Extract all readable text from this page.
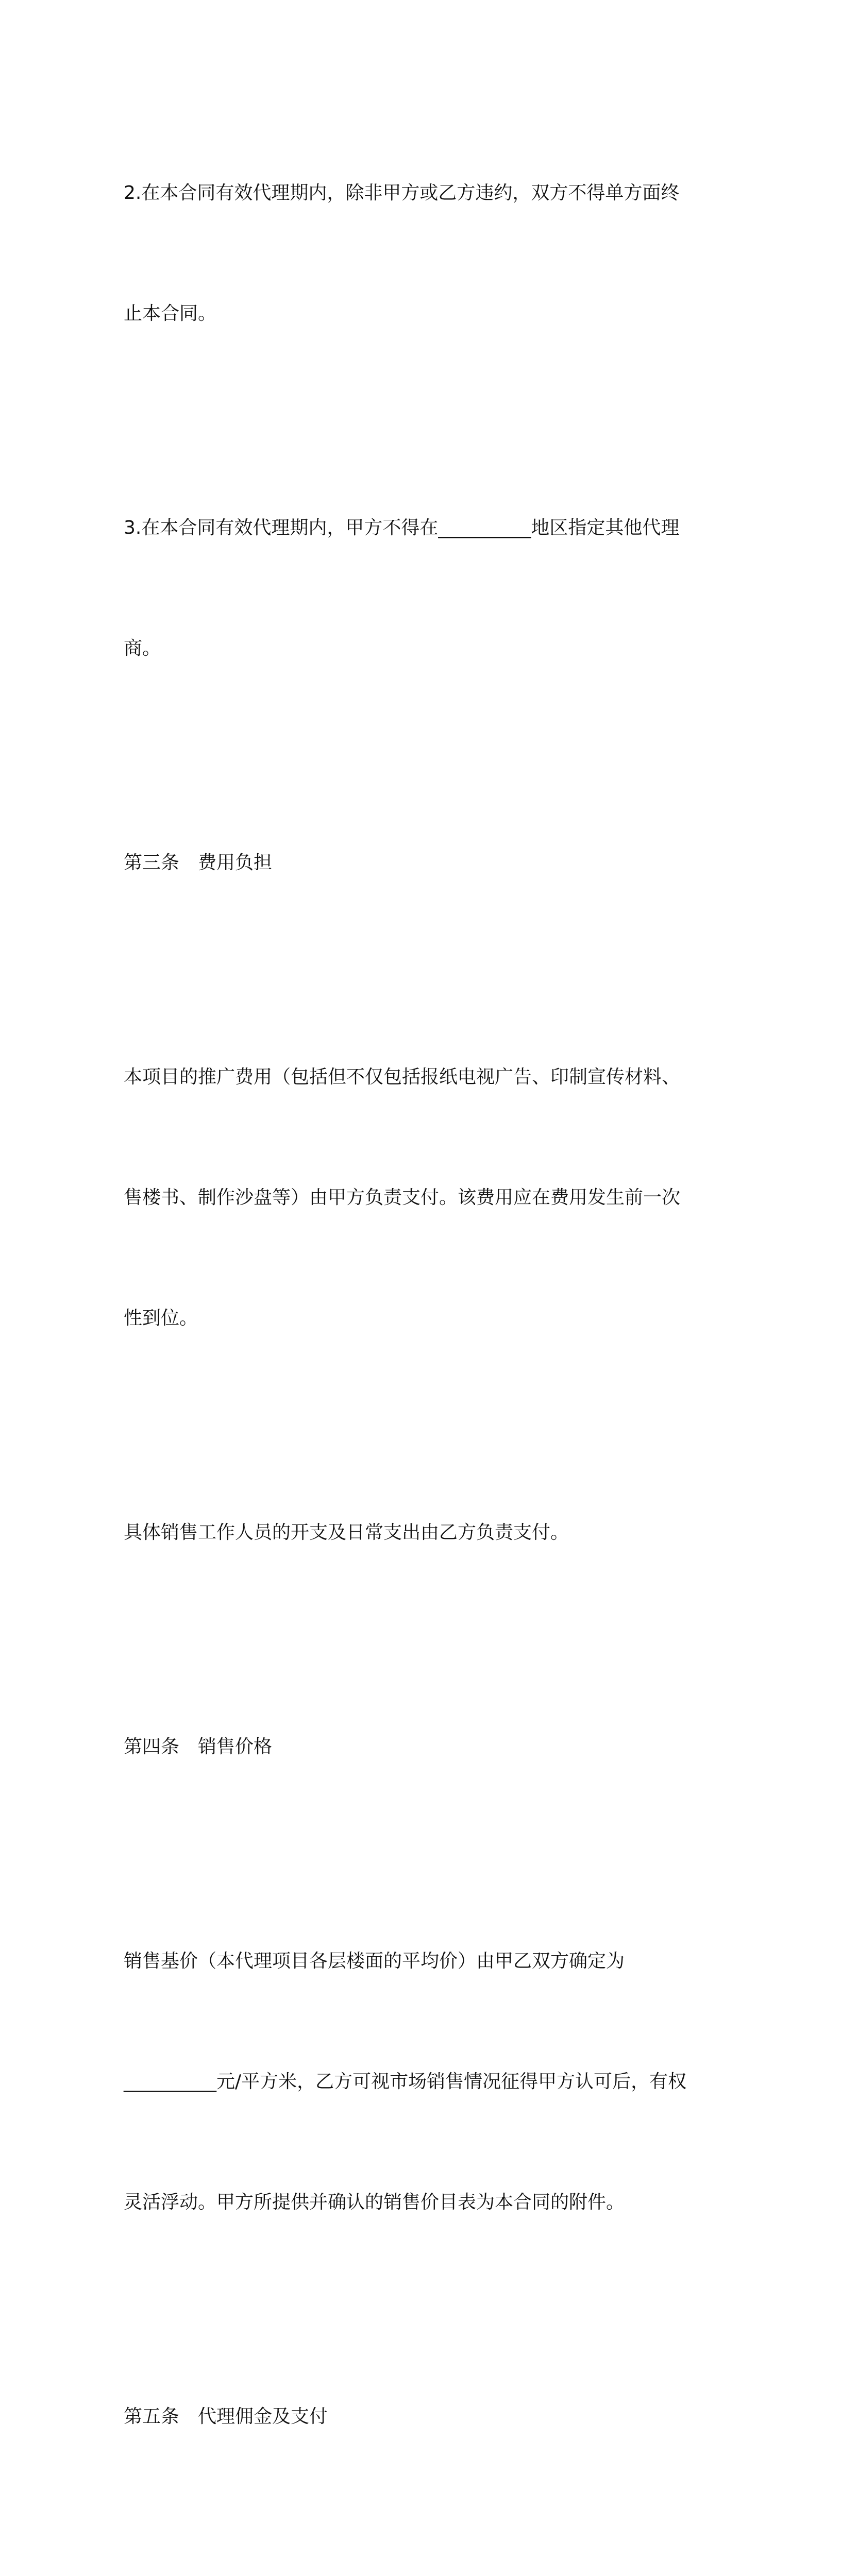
2.在本合同有效代理期内，除非甲方或乙方违约，双方不得单方面终

止本合同。

3.在本合同有效代理期内，甲方不得在__________地区指定其他代理

商。

第三条　费用负担

本项目的推广费用（包括但不仅包括报纸电视广告、印制宣传材料、

售楼书、制作沙盘等）由甲方负责支付。该费用应在费用发生前一次

性到位。

具体销售工作人员的开支及日常支出由乙方负责支付。

第四条　销售价格

销售基价（本代理项目各层楼面的平均价）由甲乙双方确定为

__________元/平方米，乙方可视市场销售情况征得甲方认可后，有权

灵活浮动。甲方所提供并确认的销售价目表为本合同的附件。

第五条　代理佣金及支付
